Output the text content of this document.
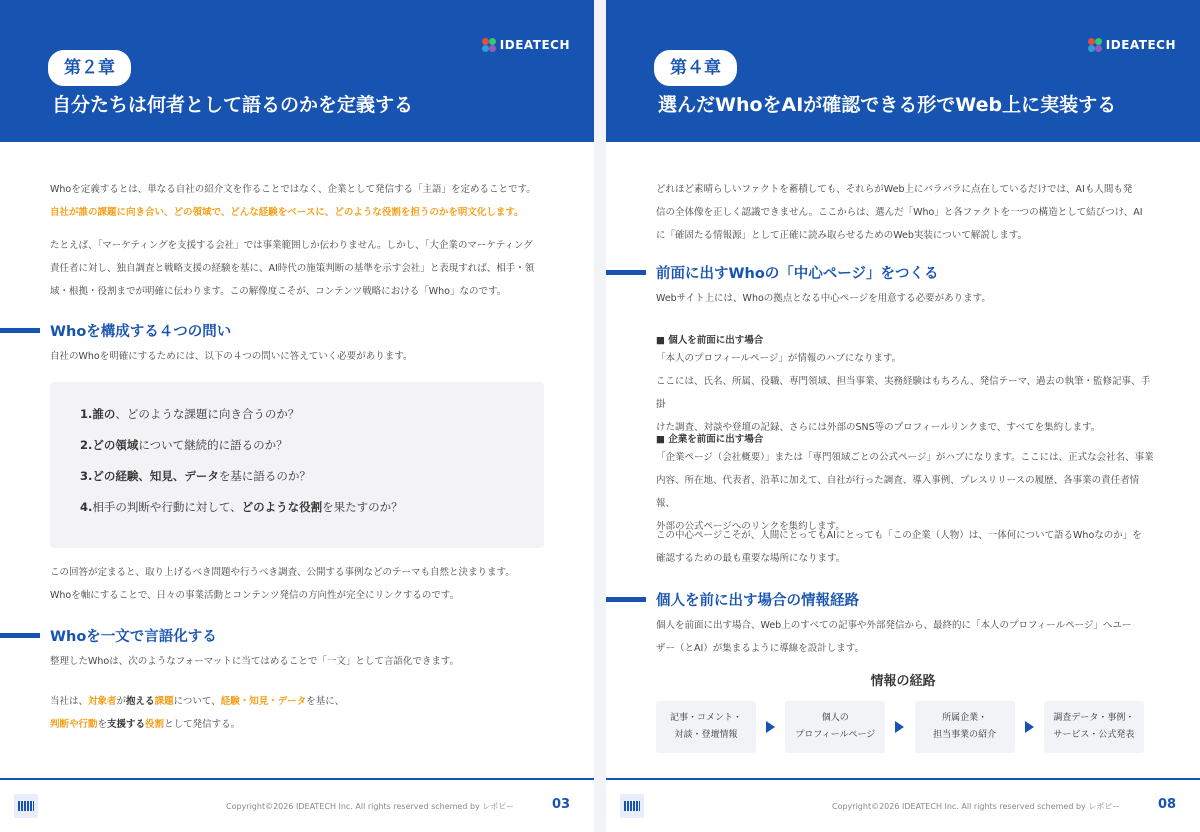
第２章
自分たちは何者として語るのかを定義する
IDEATECH

Whoを定義するとは、単なる自社の紹介文を作ることではなく、企業として発信する「主語」を定めることです。

自社が誰の課題に向き合い、どの領域で、どんな経験をベースに、どのような役割を担うのかを明文化します。

たとえば、「マーケティングを支援する会社」では事業範囲しか伝わりません。しかし、「大企業のマーケティング

責任者に対し、独自調査と戦略支援の経験を基に、AI時代の施策判断の基準を示す会社」と表現すれば、相手・領

域・根拠・役割までが明確に伝わります。この解像度こそが、コンテンツ戦略における「Who」なのです。

Whoを構成する４つの問い

自社のWhoを明確にするためには、以下の４つの問いに答えていく必要があります。

1.誰の、どのような課題に向き合うのか？
2.どの領域について継続的に語るのか？
3.どの経験、知見、データを基に語るのか？
4.相手の判断や行動に対して、どのような役割を果たすのか？

この回答が定まると、取り上げるべき問題や行うべき調査、公開する事例などのテーマも自然と決まります。

Whoを軸にすることで、日々の事業活動とコンテンツ発信の方向性が完全にリンクするのです。

Whoを一文で言語化する

整理したWhoは、次のようなフォーマットに当てはめることで「一文」として言語化できます。

当社は、対象者が抱える課題について、経験・知見・データを基に、

判断や行動を支援する役割として発信する。

Copyright©2026 IDEATECH Inc. All rights reserved schemed by レポピー	03
第４章
選んだWhoをAIが確認できる形でWeb上に実装する
IDEATECH

どれほど素晴らしいファクトを蓄積しても、それらがWeb上にバラバラに点在しているだけでは、AIも人間も発

信の全体像を正しく認識できません。ここからは、選んだ「Who」と各ファクトを一つの構造として結びつけ、AI

に「確固たる情報源」として正確に読み取らせるためのWeb実装について解説します。

前面に出すWhoの「中心ページ」をつくる

Webサイト上には、Whoの拠点となる中心ページを用意する必要があります。

■ 個人を前面に出す場合

「本人のプロフィールページ」が情報のハブになります。

ここには、氏名、所属、役職、専門領域、担当事業、実務経験はもちろん、発信テーマ、過去の執筆・監修記事、手掛

けた調査、対談や登壇の記録、さらには外部のSNS等のプロフィールリンクまで、すべてを集約します。

■ 企業を前面に出す場合

「企業ページ（会社概要）」または「専門領域ごとの公式ページ」がハブになります。ここには、正式な会社名、事業

内容、所在地、代表者、沿革に加えて、自社が行った調査、導入事例、プレスリリースの履歴、各事業の責任者情報、

外部の公式ページへのリンクを集約します。

この中心ページこそが、人間にとってもAIにとっても「この企業（人物）は、一体何について語るWhoなのか」を

確認するための最も重要な場所になります。

個人を前に出す場合の情報経路

個人を前面に出す場合、Web上のすべての記事や外部発信から、最終的に「本人のプロフィールページ」へユー

ザー（とAI）が集まるように導線を設計します。

情報の経路
記事・コメント・
対談・登壇情報
個人の
プロフィールページ
所属企業・
担当事業の紹介
調査データ・事例・
サービス・公式発表
Copyright©2026 IDEATECH Inc. All rights reserved schemed by レポピー	08
